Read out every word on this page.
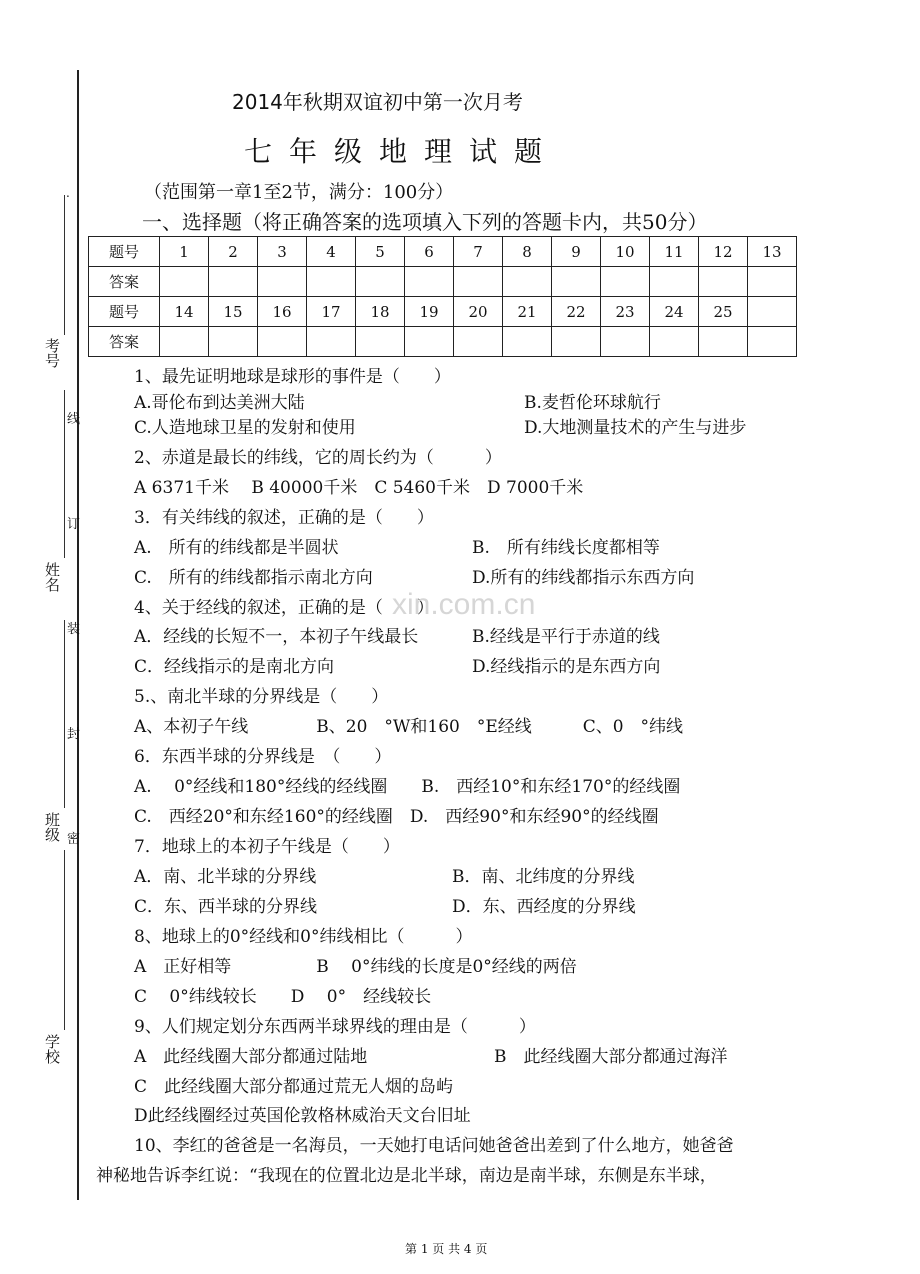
.
考号
姓名
班级
学校
线
订
装
封
密
2014年秋期双谊初中第一次月考
七年级地理试题
（范围第一章1至2节，满分：100分）
一、选择题（将正确答案的选项填入下列的答题卡内，共50分）
题号	1	2	3	4	5	6	7	8	9	10	11	12	13
答案													
题号	14	15	16	17	18	19	20	21	22	23	24	25	
答案													
1、最先证明地球是球形的事件是（　　）
A.哥伦布到达美洲大陆	B.麦哲伦环球航行
C.人造地球卫星的发射和使用	D.大地测量技术的产生与进步
2、赤道是最长的纬线，它的周长约为（　　　）
A 6371千米　 B 40000千米　C 5460千米　D 7000千米
3．有关纬线的叙述，正确的是（　　）
A.　所有的纬线都是半圆状	B.　所有纬线长度都相等
C.　所有的纬线都指示南北方向	D.所有的纬线都指示东西方向
4、关于经线的叙述，正确的是（　　）
A．经线的长短不一，本初子午线最长	B.经线是平行于赤道的线
C．经线指示的是南北方向	D.经线指示的是东西方向
xin.com.cn
5.、南北半球的分界线是（　　）
A、本初子午线　　　　B、20　°W和160　°E经线　　　C、0　°纬线
6．东西半球的分界线是　（　　）
A.　 0°经线和180°经线的经线圈　　B.　西经10°和东经170°的经线圈
C.　西经20°和东经160°的经线圈　D.　西经90°和东经90°的经线圈
7．地球上的本初子午线是（　　）
A．南、北半球的分界线	B．南、北纬度的分界线
C．东、西半球的分界线	D．东、西经度的分界线
8、地球上的0°经线和0°纬线相比（　　　）
A　正好相等　　　　　B　 0°纬线的长度是0°经线的两倍
C　 0°纬线较长　　D　 0°　经线较长
9、人们规定划分东西两半球界线的理由是（　　　）
A　此经线圈大部分都通过陆地	B　此经线圈大部分都通过海洋
C　此经线圈大部分都通过荒无人烟的岛屿
D此经线圈经过英国伦敦格林威治天文台旧址
10、李红的爸爸是一名海员，一天她打电话问她爸爸出差到了什么地方，她爸爸
神秘地告诉李红说：“我现在的位置北边是北半球，南边是南半球，东侧是东半球，
第 1 页 共 4 页
